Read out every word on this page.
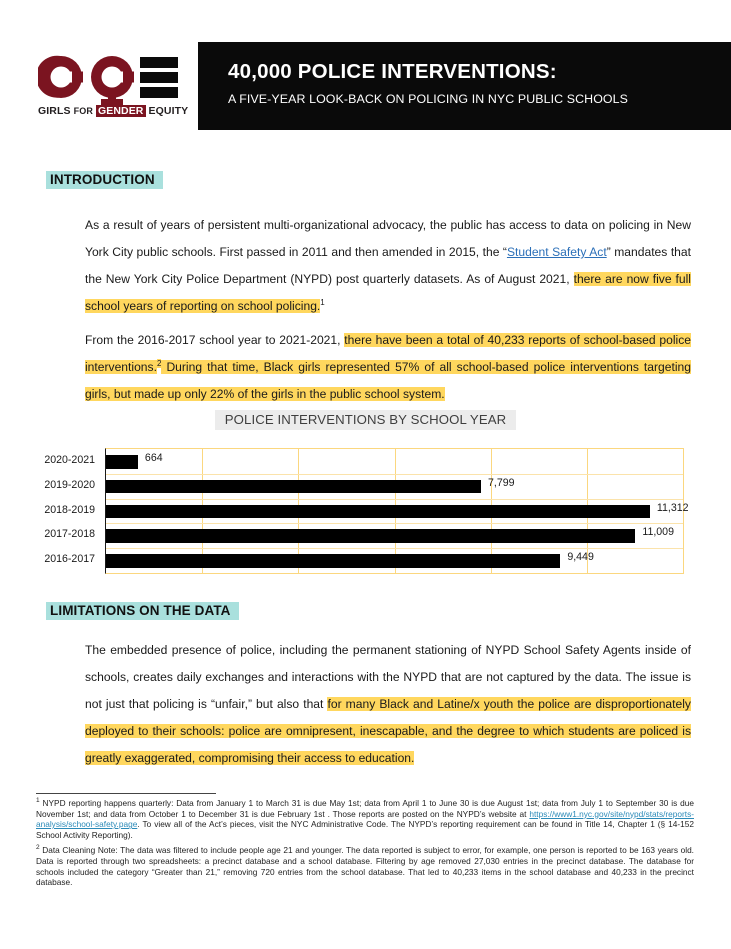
GIRLS FOR GENDER EQUITY
40,000 POLICE INTERVENTIONS:
A FIVE-YEAR LOOK-BACK ON POLICING IN NYC PUBLIC SCHOOLS
INTRODUCTION
As a result of years of persistent multi-organizational advocacy, the public has access to data on policing in New York City public schools. First passed in 2011 and then amended in 2015, the “Student Safety Act” mandates that the New York City Police Department (NYPD) post quarterly datasets. As of August 2021, there are now five full school years of reporting on school policing.$^1$
From the 2016-2017 school year to 2021-2021, there have been a total of 40,233 reports of school-based police interventions.$^2$ During that time, Black girls represented 57% of all school-based police interventions targeting girls, but made up only 22% of the girls in the public school system.
POLICE INTERVENTIONS BY SCHOOL YEAR
664
7,799
11,312
11,009
9,449
2020-2021
2019-2020
2018-2019
2017-2018
2016-2017
LIMITATIONS ON THE DATA
The embedded presence of police, including the permanent stationing of NYPD School Safety Agents inside of schools, creates daily exchanges and interactions with the NYPD that are not captured by the data. The issue is not just that policing is “unfair,” but also that for many Black and Latine/x youth the police are disproportionately deployed to their schools: police are omnipresent, inescapable, and the degree to which students are policed is greatly exaggerated, compromising their access to education.

$^1$ NYPD reporting happens quarterly: Data from January 1 to March 31 is due May 1st; data from April 1 to June 30 is due August 1st; data from July 1 to September 30 is due November 1st; and data from October 1 to December 31 is due February 1st . Those reports are posted on the NYPD’s website at https://www1.nyc.gov/site/nypd/stats/reports-analysis/school-safety.page. To view all of the Act’s pieces, visit the NYC Administrative Code. The NYPD’s reporting requirement can be found in Title 14, Chapter 1 (§ 14-152 School Activity Reporting).

$^2$ Data Cleaning Note: The data was filtered to include people age 21 and younger. The data reported is subject to error, for example, one person is reported to be 163 years old. Data is reported through two spreadsheets: a precinct database and a school database. Filtering by age removed 27,030 entries in the precinct database. The database for schools included the category “Greater than 21,” removing 720 entries from the school database. That led to 40,233 items in the school database and 40,233 in the precinct database.
